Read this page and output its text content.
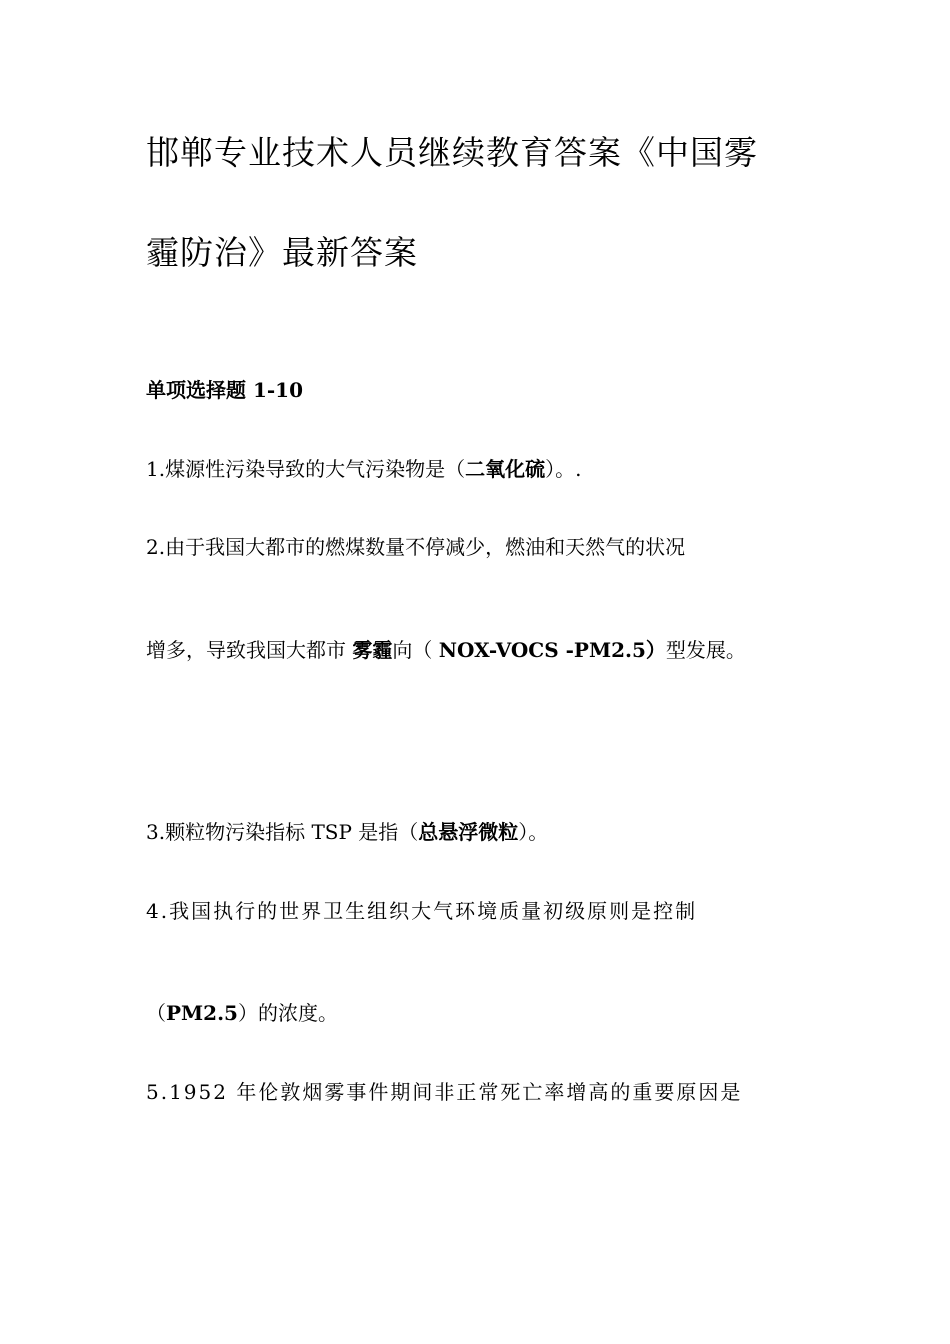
邯郸专业技术人员继续教育答案《中国雾
霾防治》最新答案
单项选择题 1-10

1.煤源性污染导致的大气污染物是（二氧化硫）。.

2.由于我国大都市的燃煤数量不停减少，燃油和天然气的状况

增多，导致我国大都市 雾霾向（ NOX-VOCS -PM2.5）型发展。

3.颗粒物污染指标 TSP 是指（总悬浮微粒）。

4.我国执行的世界卫生组织大气环境质量初级原则是控制

（PM2.5）的浓度。

5.1952 年伦敦烟雾事件期间非正常死亡率增高的重要原因是
